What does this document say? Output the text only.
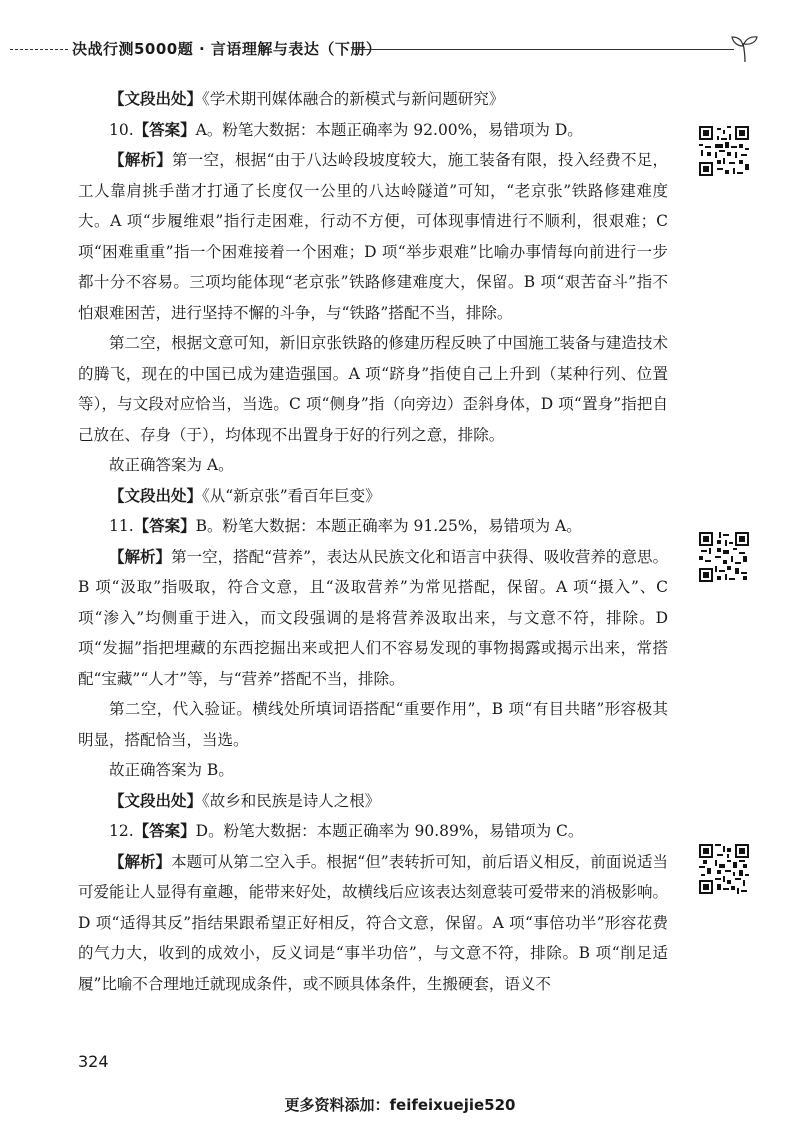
决战行测5000题 · 言语理解与表达（下册）

【文段出处】《学术期刊媒体融合的新模式与新问题研究》

10.【答案】A。粉笔大数据：本题正确率为 92.00%，易错项为 D。

【解析】第一空，根据“由于八达岭段坡度较大，施工装备有限，投入经费不足，工人靠肩挑手凿才打通了长度仅一公里的八达岭隧道”可知，“老京张”铁路修建难度大。A 项“步履维艰”指行走困难，行动不方便，可体现事情进行不顺利，很艰难；C 项“困难重重”指一个困难接着一个困难；D 项“举步艰难”比喻办事情每向前进行一步都十分不容易。三项均能体现“老京张”铁路修建难度大，保留。B 项“艰苦奋斗”指不怕艰难困苦，进行坚持不懈的斗争，与“铁路”搭配不当，排除。

第二空，根据文意可知，新旧京张铁路的修建历程反映了中国施工装备与建造技术的腾飞，现在的中国已成为建造强国。A 项“跻身”指使自己上升到（某种行列、位置等），与文段对应恰当，当选。C 项“侧身”指（向旁边）歪斜身体，D 项“置身”指把自己放在、存身（于），均体现不出置身于好的行列之意，排除。

故正确答案为 A。

【文段出处】《从“新京张”看百年巨变》

11.【答案】B。粉笔大数据：本题正确率为 91.25%，易错项为 A。

【解析】第一空，搭配“营养”，表达从民族文化和语言中获得、吸收营养的意思。B 项“汲取”指吸取，符合文意，且“汲取营养”为常见搭配，保留。A 项“摄入”、C 项“渗入”均侧重于进入，而文段强调的是将营养汲取出来，与文意不符，排除。D 项“发掘”指把埋藏的东西挖掘出来或把人们不容易发现的事物揭露或揭示出来，常搭配“宝藏”“人才”等，与“营养”搭配不当，排除。

第二空，代入验证。横线处所填词语搭配“重要作用”，B 项“有目共睹”形容极其明显，搭配恰当，当选。

故正确答案为 B。

【文段出处】《故乡和民族是诗人之根》

12.【答案】D。粉笔大数据：本题正确率为 90.89%，易错项为 C。

【解析】本题可从第二空入手。根据“但”表转折可知，前后语义相反，前面说适当可爱能让人显得有童趣，能带来好处，故横线后应该表达刻意装可爱带来的消极影响。D 项“适得其反”指结果跟希望正好相反，符合文意，保留。A 项“事倍功半”形容花费的气力大，收到的成效小，反义词是“事半功倍”，与文意不符，排除。B 项“削足适履”比喻不合理地迁就现成条件，或不顾具体条件，生搬硬套，语义不

324
更多资料添加：feifeixuejie520
